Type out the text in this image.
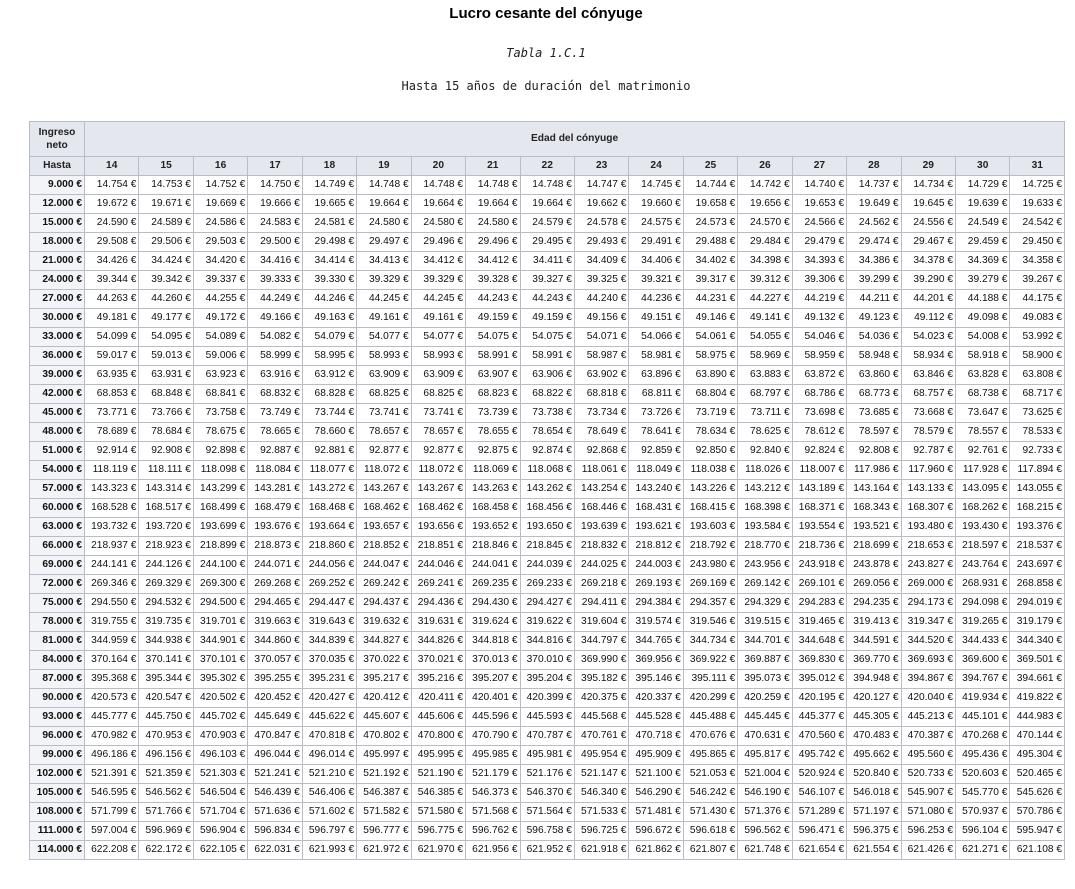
Lucro cesante del cónyuge
Tabla 1.C.1
Hasta 15 años de duración del matrimonio
Ingreso neto	Edad del cónyuge																	
Hasta	14	15	16	17	18	19	20	21	22	23	24	25	26	27	28	29	30	31
9.000 €	14.754 €	14.753 €	14.752 €	14.750 €	14.749 €	14.748 €	14.748 €	14.748 €	14.748 €	14.747 €	14.745 €	14.744 €	14.742 €	14.740 €	14.737 €	14.734 €	14.729 €	14.725 €
12.000 €	19.672 €	19.671 €	19.669 €	19.666 €	19.665 €	19.664 €	19.664 €	19.664 €	19.664 €	19.662 €	19.660 €	19.658 €	19.656 €	19.653 €	19.649 €	19.645 €	19.639 €	19.633 €
15.000 €	24.590 €	24.589 €	24.586 €	24.583 €	24.581 €	24.580 €	24.580 €	24.580 €	24.579 €	24.578 €	24.575 €	24.573 €	24.570 €	24.566 €	24.562 €	24.556 €	24.549 €	24.542 €
18.000 €	29.508 €	29.506 €	29.503 €	29.500 €	29.498 €	29.497 €	29.496 €	29.496 €	29.495 €	29.493 €	29.491 €	29.488 €	29.484 €	29.479 €	29.474 €	29.467 €	29.459 €	29.450 €
21.000 €	34.426 €	34.424 €	34.420 €	34.416 €	34.414 €	34.413 €	34.412 €	34.412 €	34.411 €	34.409 €	34.406 €	34.402 €	34.398 €	34.393 €	34.386 €	34.378 €	34.369 €	34.358 €
24.000 €	39.344 €	39.342 €	39.337 €	39.333 €	39.330 €	39.329 €	39.329 €	39.328 €	39.327 €	39.325 €	39.321 €	39.317 €	39.312 €	39.306 €	39.299 €	39.290 €	39.279 €	39.267 €
27.000 €	44.263 €	44.260 €	44.255 €	44.249 €	44.246 €	44.245 €	44.245 €	44.243 €	44.243 €	44.240 €	44.236 €	44.231 €	44.227 €	44.219 €	44.211 €	44.201 €	44.188 €	44.175 €
30.000 €	49.181 €	49.177 €	49.172 €	49.166 €	49.163 €	49.161 €	49.161 €	49.159 €	49.159 €	49.156 €	49.151 €	49.146 €	49.141 €	49.132 €	49.123 €	49.112 €	49.098 €	49.083 €
33.000 €	54.099 €	54.095 €	54.089 €	54.082 €	54.079 €	54.077 €	54.077 €	54.075 €	54.075 €	54.071 €	54.066 €	54.061 €	54.055 €	54.046 €	54.036 €	54.023 €	54.008 €	53.992 €
36.000 €	59.017 €	59.013 €	59.006 €	58.999 €	58.995 €	58.993 €	58.993 €	58.991 €	58.991 €	58.987 €	58.981 €	58.975 €	58.969 €	58.959 €	58.948 €	58.934 €	58.918 €	58.900 €
39.000 €	63.935 €	63.931 €	63.923 €	63.916 €	63.912 €	63.909 €	63.909 €	63.907 €	63.906 €	63.902 €	63.896 €	63.890 €	63.883 €	63.872 €	63.860 €	63.846 €	63.828 €	63.808 €
42.000 €	68.853 €	68.848 €	68.841 €	68.832 €	68.828 €	68.825 €	68.825 €	68.823 €	68.822 €	68.818 €	68.811 €	68.804 €	68.797 €	68.786 €	68.773 €	68.757 €	68.738 €	68.717 €
45.000 €	73.771 €	73.766 €	73.758 €	73.749 €	73.744 €	73.741 €	73.741 €	73.739 €	73.738 €	73.734 €	73.726 €	73.719 €	73.711 €	73.698 €	73.685 €	73.668 €	73.647 €	73.625 €
48.000 €	78.689 €	78.684 €	78.675 €	78.665 €	78.660 €	78.657 €	78.657 €	78.655 €	78.654 €	78.649 €	78.641 €	78.634 €	78.625 €	78.612 €	78.597 €	78.579 €	78.557 €	78.533 €
51.000 €	92.914 €	92.908 €	92.898 €	92.887 €	92.881 €	92.877 €	92.877 €	92.875 €	92.874 €	92.868 €	92.859 €	92.850 €	92.840 €	92.824 €	92.808 €	92.787 €	92.761 €	92.733 €
54.000 €	118.119 €	118.111 €	118.098 €	118.084 €	118.077 €	118.072 €	118.072 €	118.069 €	118.068 €	118.061 €	118.049 €	118.038 €	118.026 €	118.007 €	117.986 €	117.960 €	117.928 €	117.894 €
57.000 €	143.323 €	143.314 €	143.299 €	143.281 €	143.272 €	143.267 €	143.267 €	143.263 €	143.262 €	143.254 €	143.240 €	143.226 €	143.212 €	143.189 €	143.164 €	143.133 €	143.095 €	143.055 €
60.000 €	168.528 €	168.517 €	168.499 €	168.479 €	168.468 €	168.462 €	168.462 €	168.458 €	168.456 €	168.446 €	168.431 €	168.415 €	168.398 €	168.371 €	168.343 €	168.307 €	168.262 €	168.215 €
63.000 €	193.732 €	193.720 €	193.699 €	193.676 €	193.664 €	193.657 €	193.656 €	193.652 €	193.650 €	193.639 €	193.621 €	193.603 €	193.584 €	193.554 €	193.521 €	193.480 €	193.430 €	193.376 €
66.000 €	218.937 €	218.923 €	218.899 €	218.873 €	218.860 €	218.852 €	218.851 €	218.846 €	218.845 €	218.832 €	218.812 €	218.792 €	218.770 €	218.736 €	218.699 €	218.653 €	218.597 €	218.537 €
69.000 €	244.141 €	244.126 €	244.100 €	244.071 €	244.056 €	244.047 €	244.046 €	244.041 €	244.039 €	244.025 €	244.003 €	243.980 €	243.956 €	243.918 €	243.878 €	243.827 €	243.764 €	243.697 €
72.000 €	269.346 €	269.329 €	269.300 €	269.268 €	269.252 €	269.242 €	269.241 €	269.235 €	269.233 €	269.218 €	269.193 €	269.169 €	269.142 €	269.101 €	269.056 €	269.000 €	268.931 €	268.858 €
75.000 €	294.550 €	294.532 €	294.500 €	294.465 €	294.447 €	294.437 €	294.436 €	294.430 €	294.427 €	294.411 €	294.384 €	294.357 €	294.329 €	294.283 €	294.235 €	294.173 €	294.098 €	294.019 €
78.000 €	319.755 €	319.735 €	319.701 €	319.663 €	319.643 €	319.632 €	319.631 €	319.624 €	319.622 €	319.604 €	319.574 €	319.546 €	319.515 €	319.465 €	319.413 €	319.347 €	319.265 €	319.179 €
81.000 €	344.959 €	344.938 €	344.901 €	344.860 €	344.839 €	344.827 €	344.826 €	344.818 €	344.816 €	344.797 €	344.765 €	344.734 €	344.701 €	344.648 €	344.591 €	344.520 €	344.433 €	344.340 €
84.000 €	370.164 €	370.141 €	370.101 €	370.057 €	370.035 €	370.022 €	370.021 €	370.013 €	370.010 €	369.990 €	369.956 €	369.922 €	369.887 €	369.830 €	369.770 €	369.693 €	369.600 €	369.501 €
87.000 €	395.368 €	395.344 €	395.302 €	395.255 €	395.231 €	395.217 €	395.216 €	395.207 €	395.204 €	395.182 €	395.146 €	395.111 €	395.073 €	395.012 €	394.948 €	394.867 €	394.767 €	394.661 €
90.000 €	420.573 €	420.547 €	420.502 €	420.452 €	420.427 €	420.412 €	420.411 €	420.401 €	420.399 €	420.375 €	420.337 €	420.299 €	420.259 €	420.195 €	420.127 €	420.040 €	419.934 €	419.822 €
93.000 €	445.777 €	445.750 €	445.702 €	445.649 €	445.622 €	445.607 €	445.606 €	445.596 €	445.593 €	445.568 €	445.528 €	445.488 €	445.445 €	445.377 €	445.305 €	445.213 €	445.101 €	444.983 €
96.000 €	470.982 €	470.953 €	470.903 €	470.847 €	470.818 €	470.802 €	470.800 €	470.790 €	470.787 €	470.761 €	470.718 €	470.676 €	470.631 €	470.560 €	470.483 €	470.387 €	470.268 €	470.144 €
99.000 €	496.186 €	496.156 €	496.103 €	496.044 €	496.014 €	495.997 €	495.995 €	495.985 €	495.981 €	495.954 €	495.909 €	495.865 €	495.817 €	495.742 €	495.662 €	495.560 €	495.436 €	495.304 €
102.000 €	521.391 €	521.359 €	521.303 €	521.241 €	521.210 €	521.192 €	521.190 €	521.179 €	521.176 €	521.147 €	521.100 €	521.053 €	521.004 €	520.924 €	520.840 €	520.733 €	520.603 €	520.465 €
105.000 €	546.595 €	546.562 €	546.504 €	546.439 €	546.406 €	546.387 €	546.385 €	546.373 €	546.370 €	546.340 €	546.290 €	546.242 €	546.190 €	546.107 €	546.018 €	545.907 €	545.770 €	545.626 €
108.000 €	571.799 €	571.766 €	571.704 €	571.636 €	571.602 €	571.582 €	571.580 €	571.568 €	571.564 €	571.533 €	571.481 €	571.430 €	571.376 €	571.289 €	571.197 €	571.080 €	570.937 €	570.786 €
111.000 €	597.004 €	596.969 €	596.904 €	596.834 €	596.797 €	596.777 €	596.775 €	596.762 €	596.758 €	596.725 €	596.672 €	596.618 €	596.562 €	596.471 €	596.375 €	596.253 €	596.104 €	595.947 €
114.000 €	622.208 €	622.172 €	622.105 €	622.031 €	621.993 €	621.972 €	621.970 €	621.956 €	621.952 €	621.918 €	621.862 €	621.807 €	621.748 €	621.654 €	621.554 €	621.426 €	621.271 €	621.108 €
